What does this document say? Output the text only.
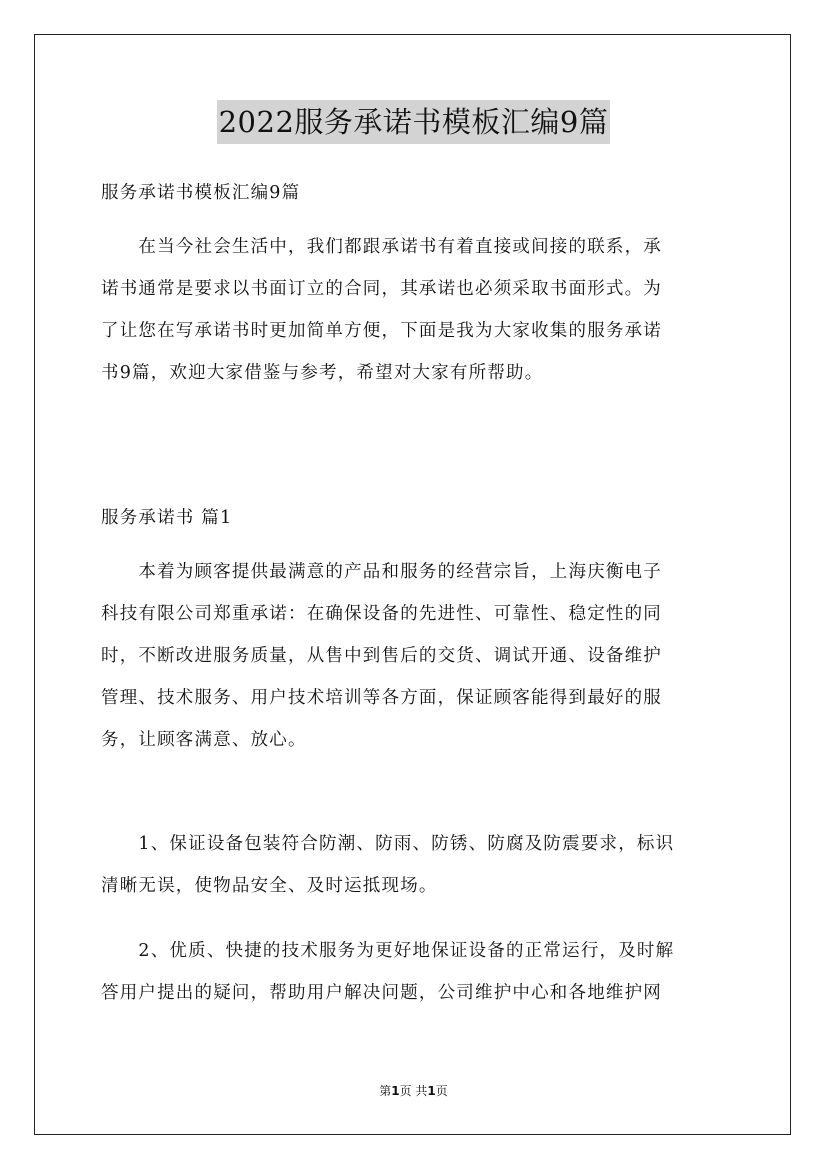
2022服务承诺书模板汇编9篇
服务承诺书模板汇编9篇
　　在当今社会生活中，我们都跟承诺书有着直接或间接的联系，承
诺书通常是要求以书面订立的合同，其承诺也必须采取书面形式。为
了让您在写承诺书时更加简单方便，下面是我为大家收集的服务承诺
书9篇，欢迎大家借鉴与参考，希望对大家有所帮助。
服务承诺书 篇1
　　本着为顾客提供最满意的产品和服务的经营宗旨，上海庆衡电子
科技有限公司郑重承诺：在确保设备的先进性、可靠性、稳定性的同
时，不断改进服务质量，从售中到售后的交货、调试开通、设备维护
管理、技术服务、用户技术培训等各方面，保证顾客能得到最好的服
务，让顾客满意、放心。
　　1、保证设备包装符合防潮、防雨、防锈、防腐及防震要求，标识
清晰无误，使物品安全、及时运抵现场。
　　2、优质、快捷的技术服务为更好地保证设备的正常运行，及时解
答用户提出的疑问，帮助用户解决问题，公司维护中心和各地维护网
第1页 共1页
